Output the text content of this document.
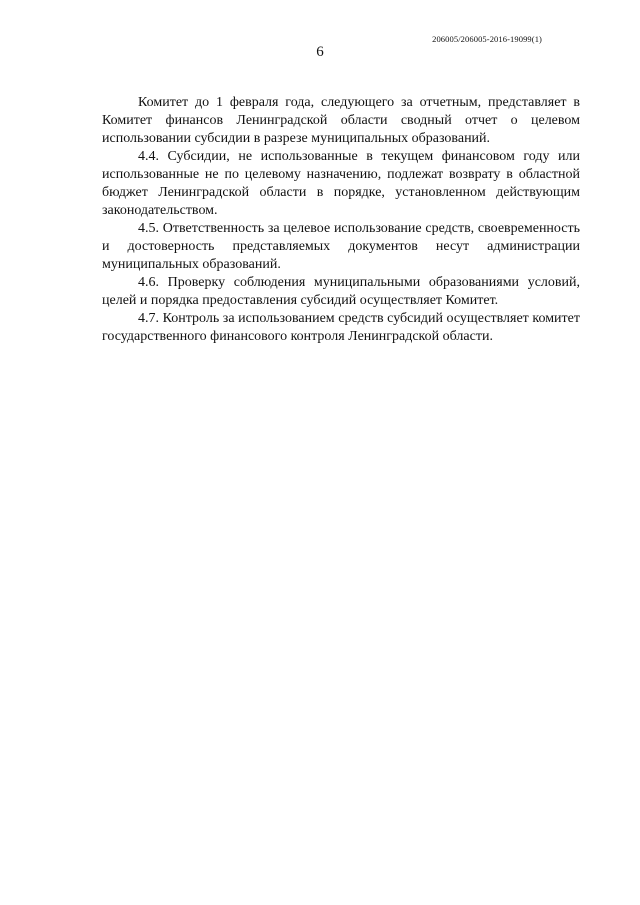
206005/206005-2016-19099(1)
6

Комитет до 1 февраля года, следующего за отчетным, представляет в Комитет финансов Ленинградской области сводный отчет о целевом использовании субсидии в разрезе муниципальных образований.

4.4. Субсидии, не использованные в текущем финансовом году или использованные не по целевому назначению, подлежат возврату в областной бюджет Ленинградской области в порядке, установленном действующим законодательством.

4.5. Ответственность за целевое использование средств, своевременность и достоверность представляемых документов несут администрации муниципальных образований.

4.6. Проверку соблюдения муниципальными образованиями условий, целей и порядка предоставления субсидий осуществляет Комитет.

4.7. Контроль за использованием средств субсидий осуществляет комитет государственного финансового контроля Ленинградской области.
